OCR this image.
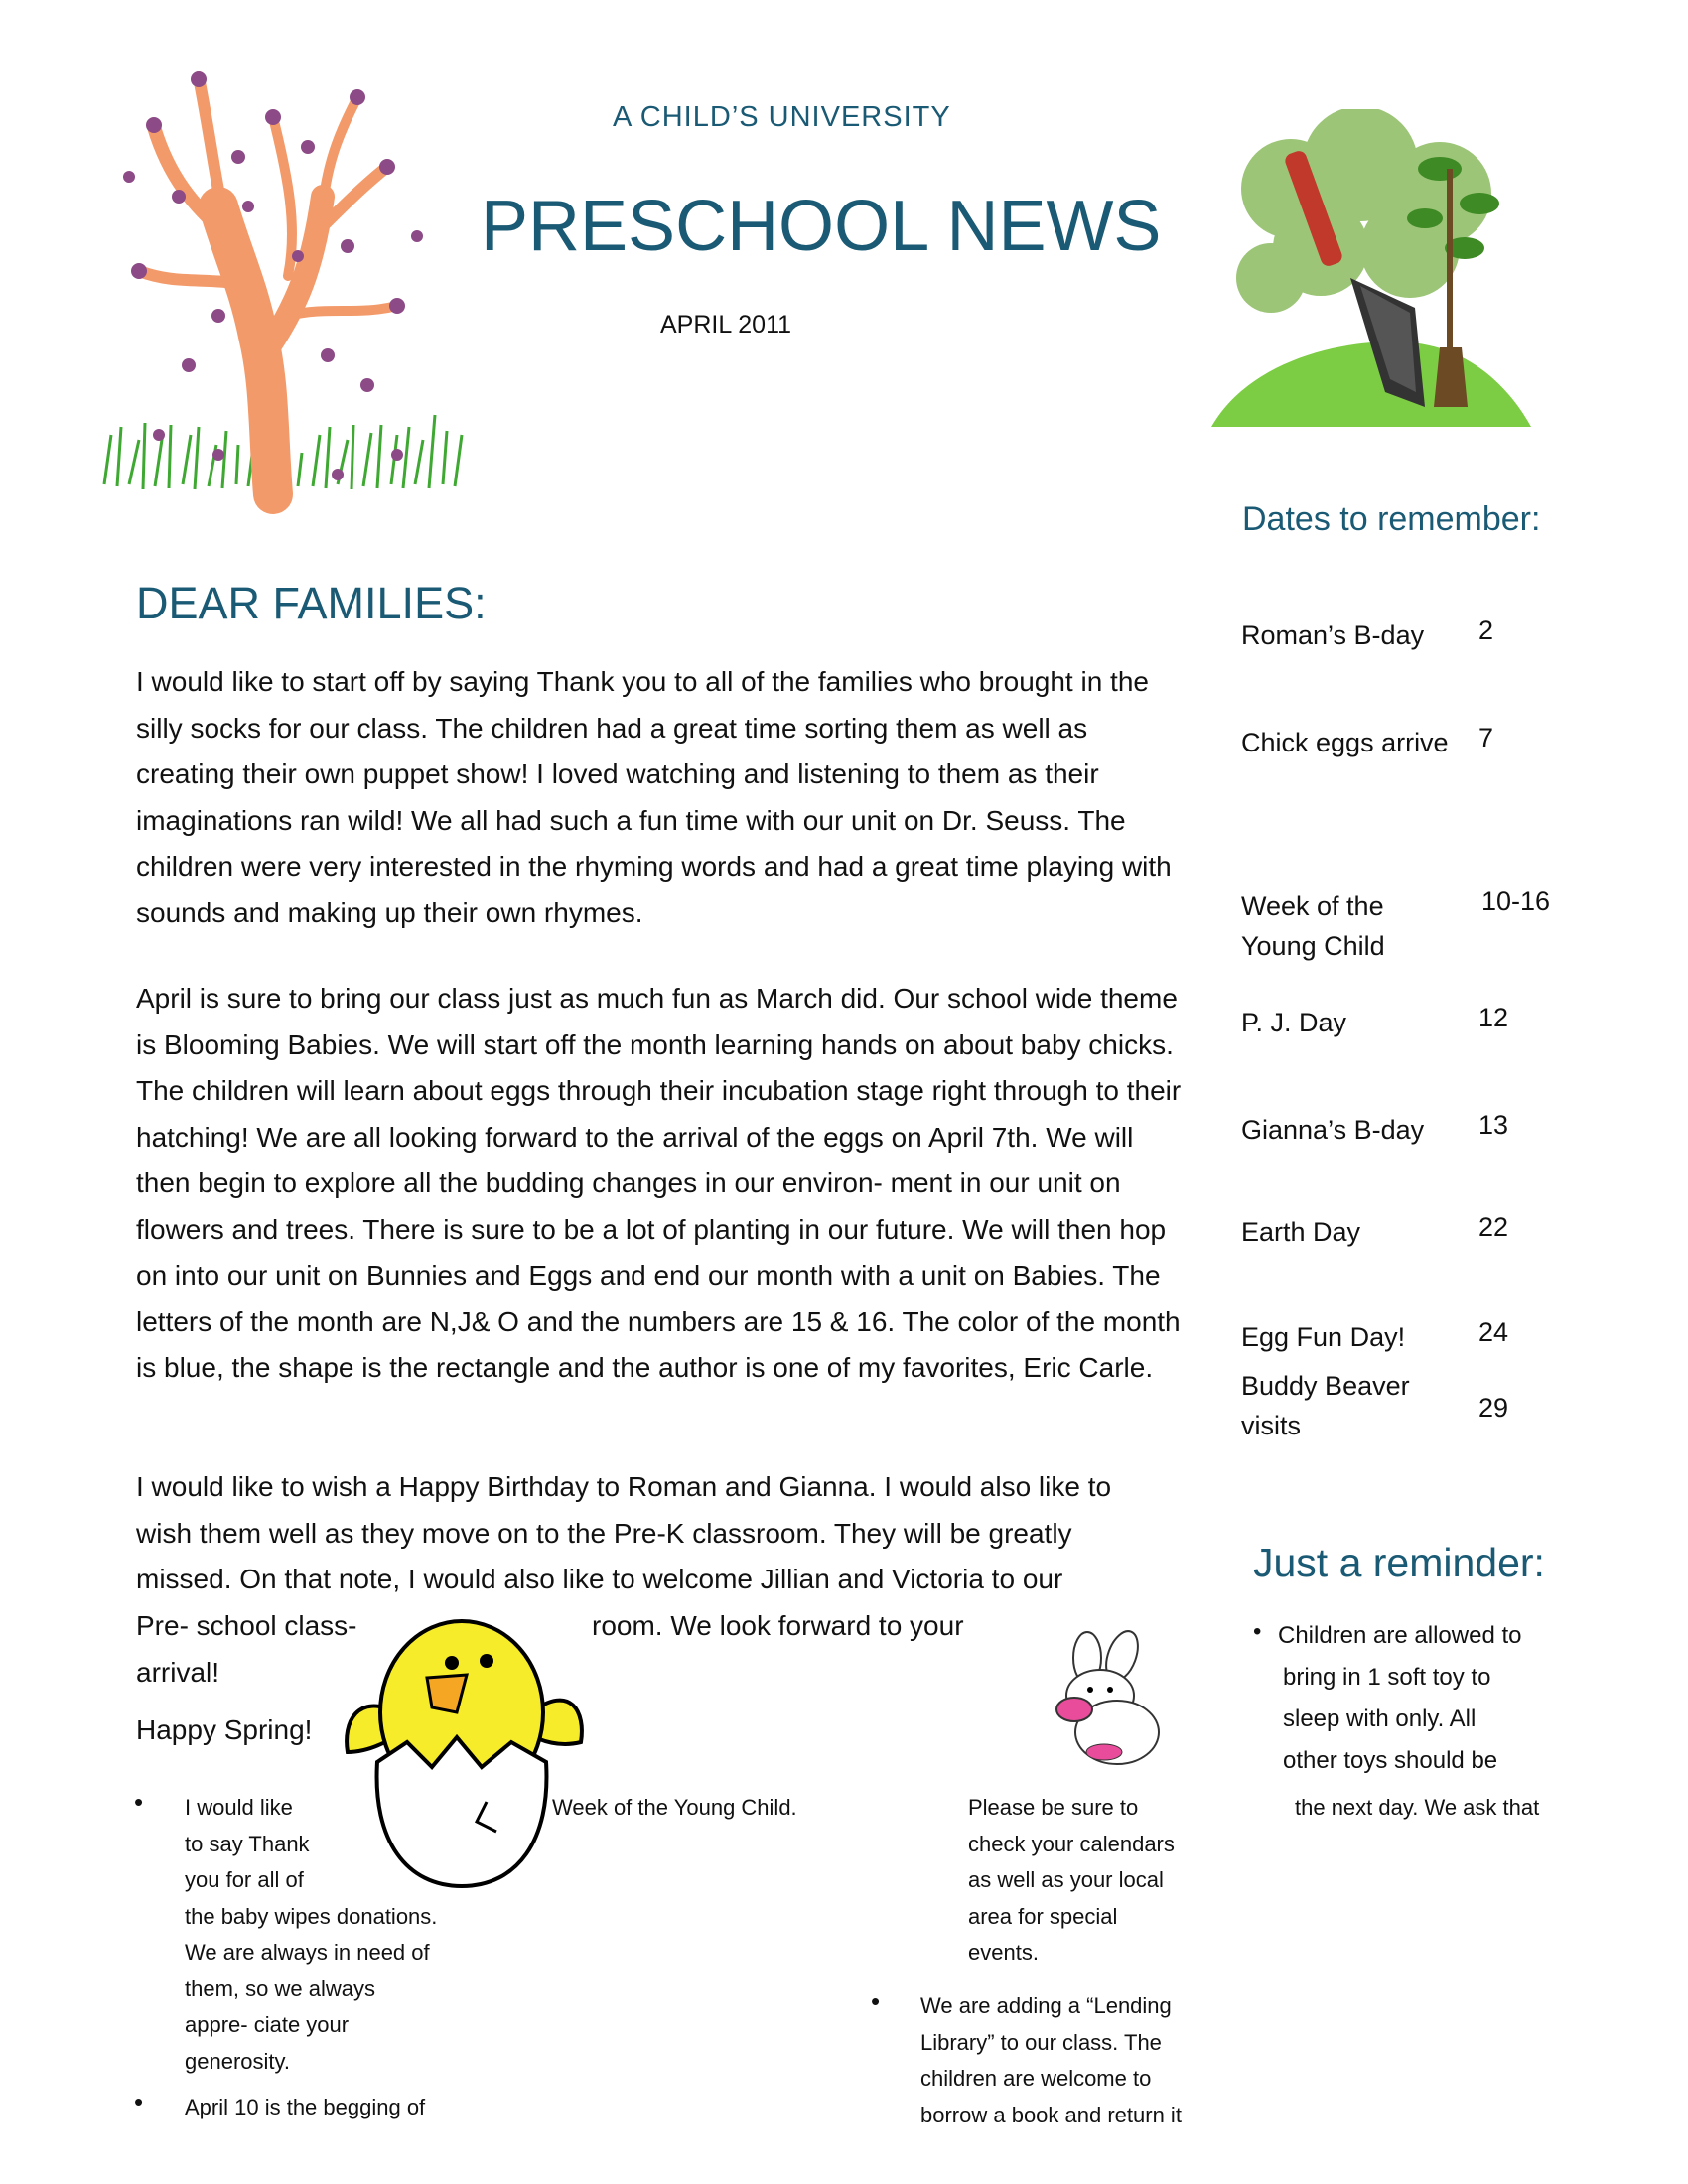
A CHILD’S UNIVERSITY
PRESCHOOL NEWS
APRIL 2011
DEAR FAMILIES:

I would like to start off by saying Thank you to all of the families who brought in the silly socks for our class. The children had a great time sorting them as well as creating their own puppet show! I loved watching and listening to them as their imaginations ran wild! We all had such a fun time with our unit on Dr. Seuss. The children were very interested in the rhyming words and had a great time playing with sounds and making up their own rhymes.

April is sure to bring our class just as much fun as March did. Our school wide theme is Blooming Babies. We will start off the month learning hands on about baby chicks. The children will learn about eggs through their incubation stage right through to their hatching! We are all looking forward to the arrival of the eggs on April 7th. We will then begin to explore all the budding changes in our environ- ment in our unit on flowers and trees. There is sure to be a lot of planting in our future. We will then hop on into our unit on Bunnies and Eggs and end our month with a unit on Babies. The letters of the month are N,J& O and the numbers are 15 & 16. The color of the month is blue, the shape is the rectangle and the author is one of my favorites, Eric Carle.

I would like to wish a Happy Birthday to Roman and Gianna. I would also like to
wish them well as they move on to the Pre-K classroom. They will be greatly
missed. On that note, I would also like to welcome Jillian and Victoria to our
Pre- school class-	room. We look forward to your
arrival!
Happy Spring!
• I would like
to say Thank
you for all of
the baby wipes donations.
We are always in need of
them, so we always
appre- ciate your
generosity.
• April 10 is the begging of
Week of the Young Child.	Please be sure to
check your calendars
as well as your local
area for special
events.
• We are adding a “Lending
Library” to our class. The
children are welcome to
borrow a book and return it
the next day. We ask that
Dates to remember:
Roman’s B-day 2
Chick eggs arrive 7
Week of the Young Child
10-16
P. J. Day	12
Gianna’s B-day 13
Earth Day	22
Egg Fun Day!	24
Buddy Beaver visits
29
Just a reminder:
• Children are allowed to
bring in 1 soft toy to
sleep with only. All
other toys should be
